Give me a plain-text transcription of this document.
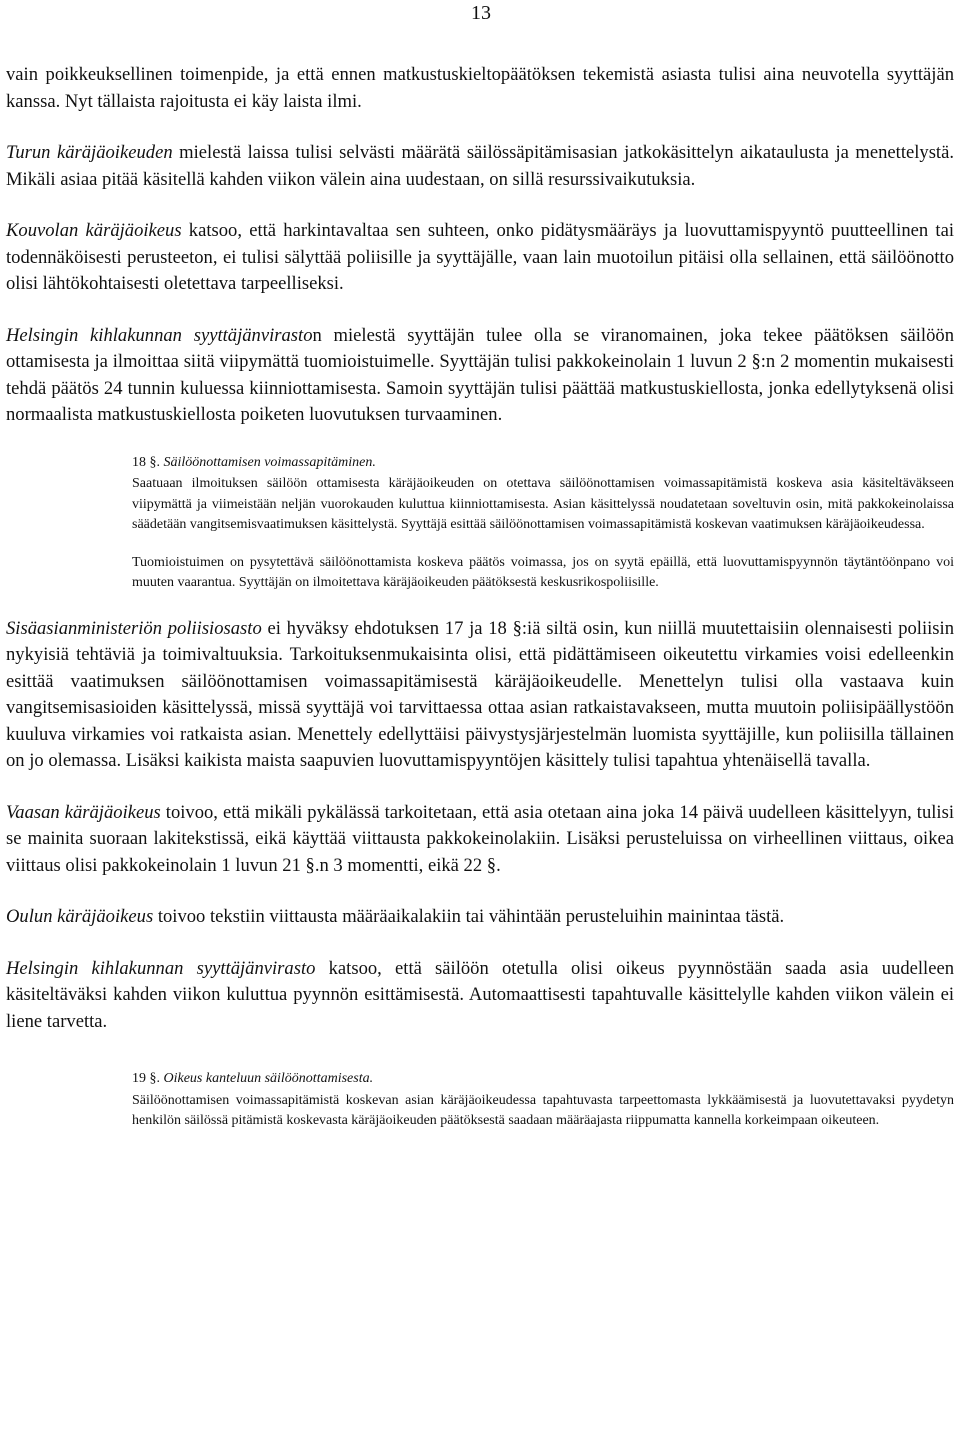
13

vain poikkeuksellinen toimenpide, ja että ennen matkustuskieltopäätöksen tekemistä asiasta tulisi aina neuvotella syyttäjän kanssa. Nyt tällaista rajoitusta ei käy laista ilmi.

Turun käräjäoikeuden mielestä laissa tulisi selvästi määrätä säilössäpitämisasian jatkokäsittelyn aikataulusta ja menettelystä. Mikäli asiaa pitää käsitellä kahden viikon välein aina uudestaan, on sillä resurssivaikutuksia.

Kouvolan käräjäoikeus katsoo, että harkintavaltaa sen suhteen, onko pidätysmääräys ja luovuttamispyyntö puutteellinen tai todennäköisesti perusteeton, ei tulisi sälyttää poliisille ja syyttäjälle, vaan lain muotoilun pitäisi olla sellainen, että säilöönotto olisi lähtökohtaisesti oletettava tarpeelliseksi.

Helsingin kihlakunnan syyttäjänviraston mielestä syyttäjän tulee olla se viranomainen, joka tekee päätöksen säilöön ottamisesta ja ilmoittaa siitä viipymättä tuomioistuimelle. Syyttäjän tulisi pakkokeinolain 1 luvun 2 §:n 2 momentin mukaisesti tehdä päätös 24 tunnin kuluessa kiinniottamisesta. Samoin syyttäjän tulisi päättää matkustuskiellosta, jonka edellytyksenä olisi normaalista matkustuskiellosta poiketen luovutuksen turvaaminen.

18 §. Säilöönottamisen voimassapitäminen.

Saatuaan ilmoituksen säilöön ottamisesta käräjäoikeuden on otettava säilöönottamisen voimassapitämistä koskeva asia käsiteltäväkseen viipymättä ja viimeistään neljän vuorokauden kuluttua kiinniottamisesta. Asian käsittelyssä noudatetaan soveltuvin osin, mitä pakkokeinolaissa säädetään vangitsemisvaatimuksen käsittelystä. Syyttäjä esittää säilöönottamisen voimassapitämistä koskevan vaatimuksen käräjäoikeudessa.

Tuomioistuimen on pysytettävä säilöönottamista koskeva päätös voimassa, jos on syytä epäillä, että luovuttamispyynnön täytäntöönpano voi muuten vaarantua. Syyttäjän on ilmoitettava käräjäoikeuden päätöksestä keskusrikospoliisille.

Sisäasianministeriön poliisiosasto ei hyväksy ehdotuksen 17 ja 18 §:iä siltä osin, kun niillä muutettaisiin olennaisesti poliisin nykyisiä tehtäviä ja toimivaltuuksia. Tarkoituksenmukaisinta olisi, että pidättämiseen oikeutettu virkamies voisi edelleenkin esittää vaatimuksen säilöönottamisen voimassapitämisestä käräjäoikeudelle. Menettelyn tulisi olla vastaava kuin vangitsemisasioiden käsittelyssä, missä syyttäjä voi tarvittaessa ottaa asian ratkaistavakseen, mutta muutoin poliisipäällystöön kuuluva virkamies voi ratkaista asian. Menettely edellyttäisi päivystysjärjestelmän luomista syyttäjille, kun poliisilla tällainen on jo olemassa. Lisäksi kaikista maista saapuvien luovuttamispyyntöjen käsittely tulisi tapahtua yhtenäisellä tavalla.

Vaasan käräjäoikeus toivoo, että mikäli pykälässä tarkoitetaan, että asia otetaan aina joka 14 päivä uudelleen käsittelyyn, tulisi se mainita suoraan lakitekstissä, eikä käyttää viittausta pakkokeinolakiin. Lisäksi perusteluissa on virheellinen viittaus, oikea viittaus olisi pakkokeinolain 1 luvun 21 §.n 3 momentti, eikä 22 §.

Oulun käräjäoikeus toivoo tekstiin viittausta määräaikalakiin tai vähintään perusteluihin mainintaa tästä.

Helsingin kihlakunnan syyttäjänvirasto katsoo, että säilöön otetulla olisi oikeus pyynnöstään saada asia uudelleen käsiteltäväksi kahden viikon kuluttua pyynnön esittämisestä. Automaattisesti tapahtuvalle käsittelylle kahden viikon välein ei liene tarvetta.

19 §. Oikeus kanteluun säilöönottamisesta.

Säilöönottamisen voimassapitämistä koskevan asian käräjäoikeudessa tapahtuvasta tarpeettomasta lykkäämisestä ja luovutettavaksi pyydetyn henkilön säilössä pitämistä koskevasta käräjäoikeuden päätöksestä saadaan määräajasta riippumatta kannella korkeimpaan oikeuteen.
